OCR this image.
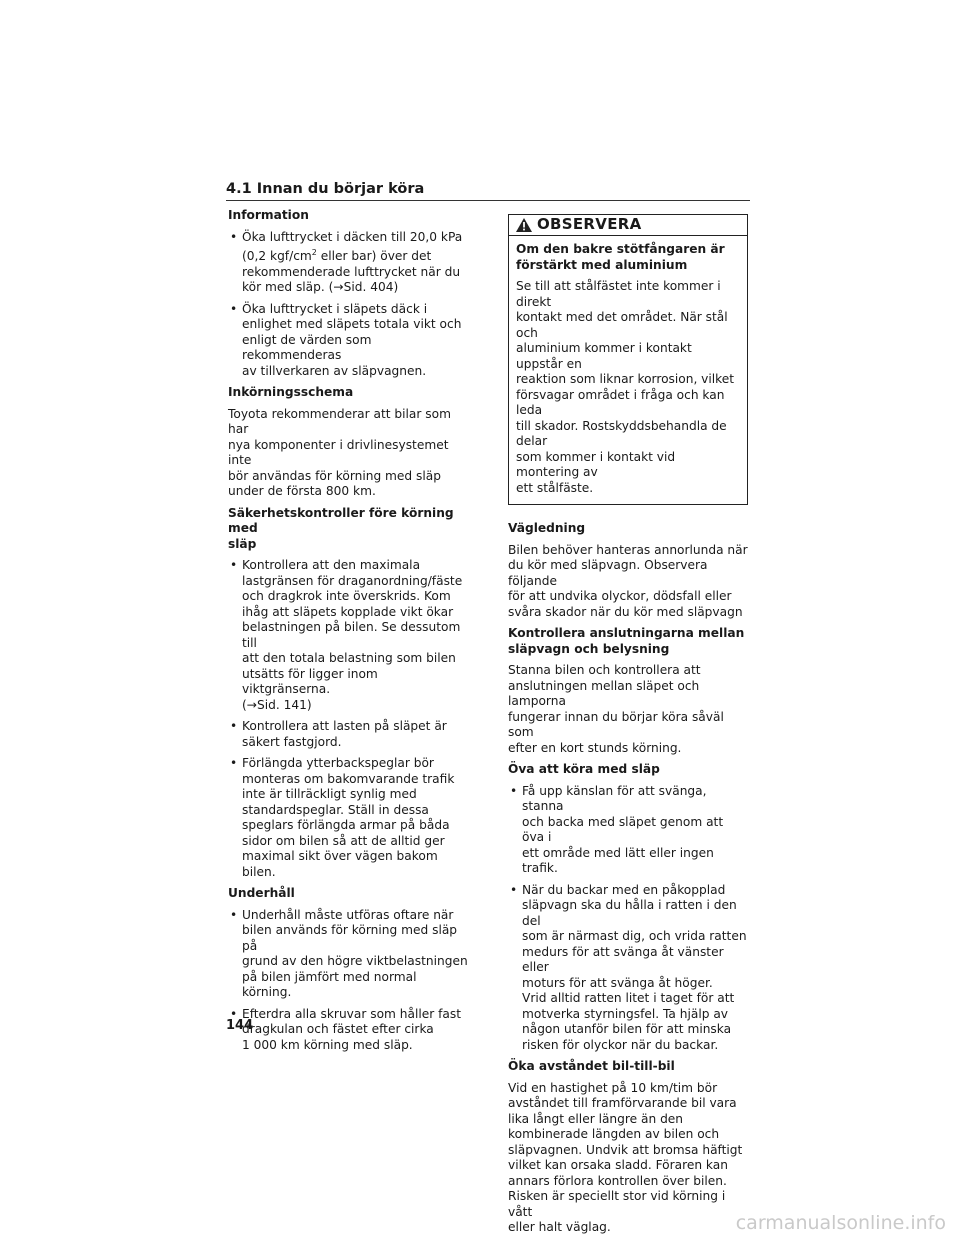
4.1 Innan du börjar köra
Information
• Öka lufttrycket i däcken till 20,0 kPa
(0,2 kgf/$cm^2$ eller bar) över det
rekommenderade lufttrycket när du
kör med släp. (→Sid. 404)
• Öka lufttrycket i släpets däck i
enlighet med släpets totala vikt och
enligt de värden som rekommenderas
av tillverkaren av släpvagnen.
Inkörningsschema
Toyota rekommenderar att bilar som har
nya komponenter i drivlinesystemet inte
bör användas för körning med släp
under de första 800 km.
Säkerhetskontroller före körning med
släp
• Kontrollera att den maximala
lastgränsen för draganordning/fäste
och dragkrok inte överskrids. Kom
ihåg att släpets kopplade vikt ökar
belastningen på bilen. Se dessutom till
att den totala belastning som bilen
utsätts för ligger inom viktgränserna.
(→Sid. 141)
• Kontrollera att lasten på släpet är
säkert fastgjord.
• Förlängda ytterbackspeglar bör
monteras om bakomvarande trafik
inte är tillräckligt synlig med
standardspeglar. Ställ in dessa
speglars förlängda armar på båda
sidor om bilen så att de alltid ger
maximal sikt över vägen bakom bilen.
Underhåll
• Underhåll måste utföras oftare när
bilen används för körning med släp på
grund av den högre viktbelastningen
på bilen jämfört med normal körning.
• Efterdra alla skruvar som håller fast
dragkulan och fästet efter cirka
1 000 km körning med släp.
OBSERVERA
Om den bakre stötfångaren är
förstärkt med aluminium
Se till att stålfästet inte kommer i direkt
kontakt med det området. När stål och
aluminium kommer i kontakt uppstår en
reaktion som liknar korrosion, vilket
försvagar området i fråga och kan leda
till skador. Rostskyddsbehandla de delar
som kommer i kontakt vid montering av
ett stålfäste.
Vägledning
Bilen behöver hanteras annorlunda när
du kör med släpvagn. Observera följande
för att undvika olyckor, dödsfall eller
svåra skador när du kör med släpvagn
Kontrollera anslutningarna mellan
släpvagn och belysning
Stanna bilen och kontrollera att
anslutningen mellan släpet och lamporna
fungerar innan du börjar köra såväl som
efter en kort stunds körning.
Öva att köra med släp
• Få upp känslan för att svänga, stanna
och backa med släpet genom att öva i
ett område med lätt eller ingen trafik.
• När du backar med en påkopplad
släpvagn ska du hålla i ratten i den del
som är närmast dig, och vrida ratten
medurs för att svänga åt vänster eller
moturs för att svänga åt höger.
Vrid alltid ratten litet i taget för att
motverka styrningsfel. Ta hjälp av
någon utanför bilen för att minska
risken för olyckor när du backar.
Öka avståndet bil-till-bil
Vid en hastighet på 10 km/tim bör
avståndet till framförvarande bil vara
lika långt eller längre än den
kombinerade längden av bilen och
släpvagnen. Undvik att bromsa häftigt
vilket kan orsaka sladd. Föraren kan
annars förlora kontrollen över bilen.
Risken är speciellt stor vid körning i vått
eller halt väglag.
144
carmanualsonline.info
